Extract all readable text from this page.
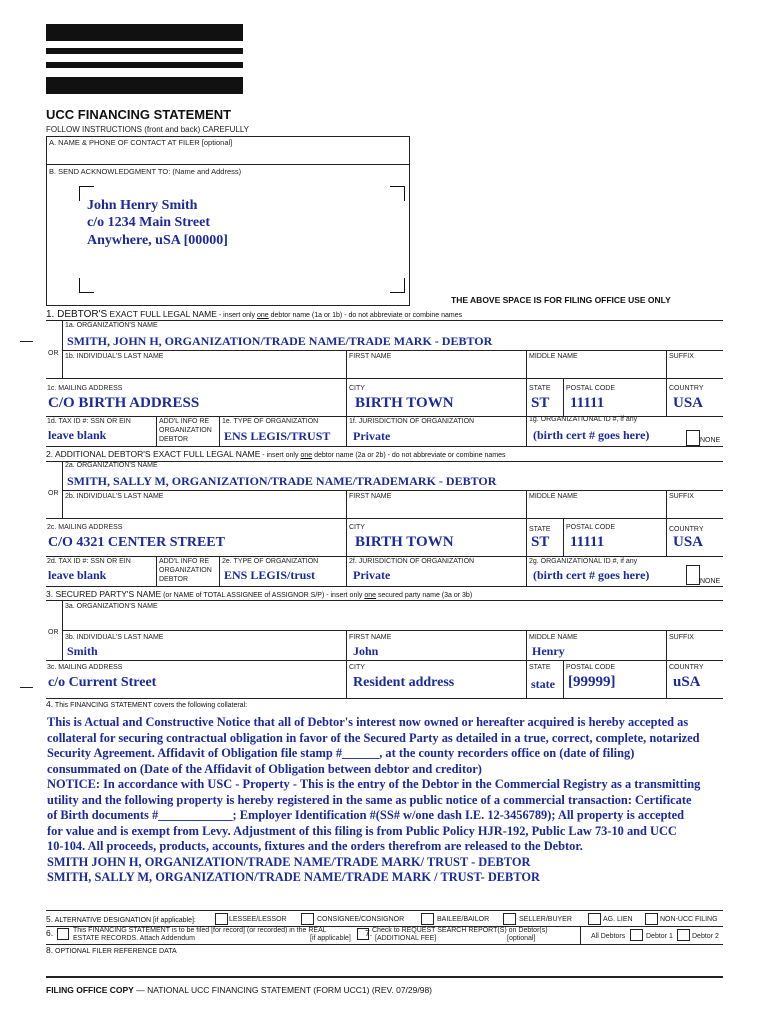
UCC FINANCING STATEMENT
FOLLOW INSTRUCTIONS (front and back) CAREFULLY
A. NAME & PHONE OF CONTACT AT FILER [optional]
B. SEND ACKNOWLEDGMENT TO: (Name and Address)
John Henry Smith
c/o 1234 Main Street
Anywhere, uSA [00000]
THE ABOVE SPACE IS FOR FILING OFFICE USE ONLY
1. DEBTOR'S EXACT FULL LEGAL NAME - insert only one debtor name (1a or 1b) - do not abbreviate or combine names
1a. ORGANIZATION'S NAME
SMITH, JOHN H, ORGANIZATION/TRADE NAME/TRADE MARK - DEBTOR
OR 1b. INDIVIDUAL'S LAST NAME	FIRST NAME	MIDDLE NAME	SUFFIX
1c. MAILING ADDRESS
C/O BIRTH ADDRESS
CITY
BIRTH TOWN
STATE
ST
POSTAL CODE
11111
COUNTRY
USA
1d. TAX ID #: SSN OR EIN
leave blank
ADD'L INFO RE
ORGANIZATION
DEBTOR
1e. TYPE OF ORGANIZATION
ENS LEGIS/TRUST
1f. JURISDICTION OF ORGANIZATION
Private
1g. ORGANIZATIONAL ID #, if any
(birth cert # goes here)	NONE
2. ADDITIONAL DEBTOR'S EXACT FULL LEGAL NAME - insert only one debtor name (2a or 2b) - do not abbreviate or combine names
2a. ORGANIZATION'S NAME
SMITH, SALLY M, ORGANIZATION/TRADE NAME/TRADEMARK - DEBTOR
OR 2b. INDIVIDUAL'S LAST NAME	FIRST NAME	MIDDLE NAME	SUFFIX
2c. MAILING ADDRESS
C/O 4321 CENTER STREET
CITY
BIRTH TOWN
STATE
ST
POSTAL CODE
11111
COUNTRY
USA
2d. TAX ID #: SSN OR EIN
leave blank
ADD'L INFO RE
ORGANIZATION
DEBTOR
2e. TYPE OF ORGANIZATION
ENS LEGIS/trust
2f. JURISDICTION OF ORGANIZATION
Private
2g. ORGANIZATIONAL ID #, if any
(birth cert # goes here)	NONE
3. SECURED PARTY'S NAME (or NAME of TOTAL ASSIGNEE of ASSIGNOR S/P) - insert only one secured party name (3a or 3b)
3a. ORGANIZATION'S NAME
OR
3b. INDIVIDUAL'S LAST NAME
Smith
FIRST NAME
John
MIDDLE NAME
Henry
SUFFIX
3c. MAILING ADDRESS
c/o Current Street
CITY
Resident address
STATE
state
POSTAL CODE
[99999]
COUNTRY
uSA
4. This FINANCING STATEMENT covers the following collateral:
This is Actual and Constructive Notice that all of Debtor's interest now owned or hereafter acquired is hereby accepted as
collateral for securing contractual obligation in favor of the Secured Party as detailed in a true, correct, complete, notarized
Security Agreement. Affidavit of Obligation file stamp #______, at the county recorders office on (date of filing)
consummated on (Date of the Affidavit of Obligation between debtor and creditor)
NOTICE: In accordance with USC - Property - This is the entry of the Debtor in the Commercial Registry as a transmitting
utility and the following property is hereby registered in the same as public notice of a commercial transaction: Certificate
of Birth documents #____________; Employer Identification #(SS# w/one dash I.E. 12-3456789); All property is accepted
for value and is exempt from Levy. Adjustment of this filing is from Public Policy HJR-192, Public Law 73-10 and UCC
10-104. All proceeds, products, accounts, fixtures and the orders therefrom are released to the Debtor.
SMITH JOHN H, ORGANIZATION/TRADE NAME/TRADE MARK/ TRUST - DEBTOR
SMITH, SALLY M, ORGANIZATION/TRADE NAME/TRADE MARK / TRUST- DEBTOR
5. ALTERNATIVE DESIGNATION [if applicable]:	LESSEE/LESSOR	CONSIGNEE/CONSIGNOR	BAILEE/BAILOR	SELLER/BUYER	AG. LIEN	NON-UCC FILING
6.	This FINANCING STATEMENT is to be filed [for record] (or recorded) in the REAL
ESTATE RECORDS. Attach Addendum	[if applicable]
7. Check to REQUEST SEARCH REPORT(S) on Debtor(s)
[ADDITIONAL FEE]	[optional]	All Debtors	Debtor 1	Debtor 2
8. OPTIONAL FILER REFERENCE DATA
FILING OFFICE COPY — NATIONAL UCC FINANCING STATEMENT (FORM UCC1) (REV. 07/29/98)
